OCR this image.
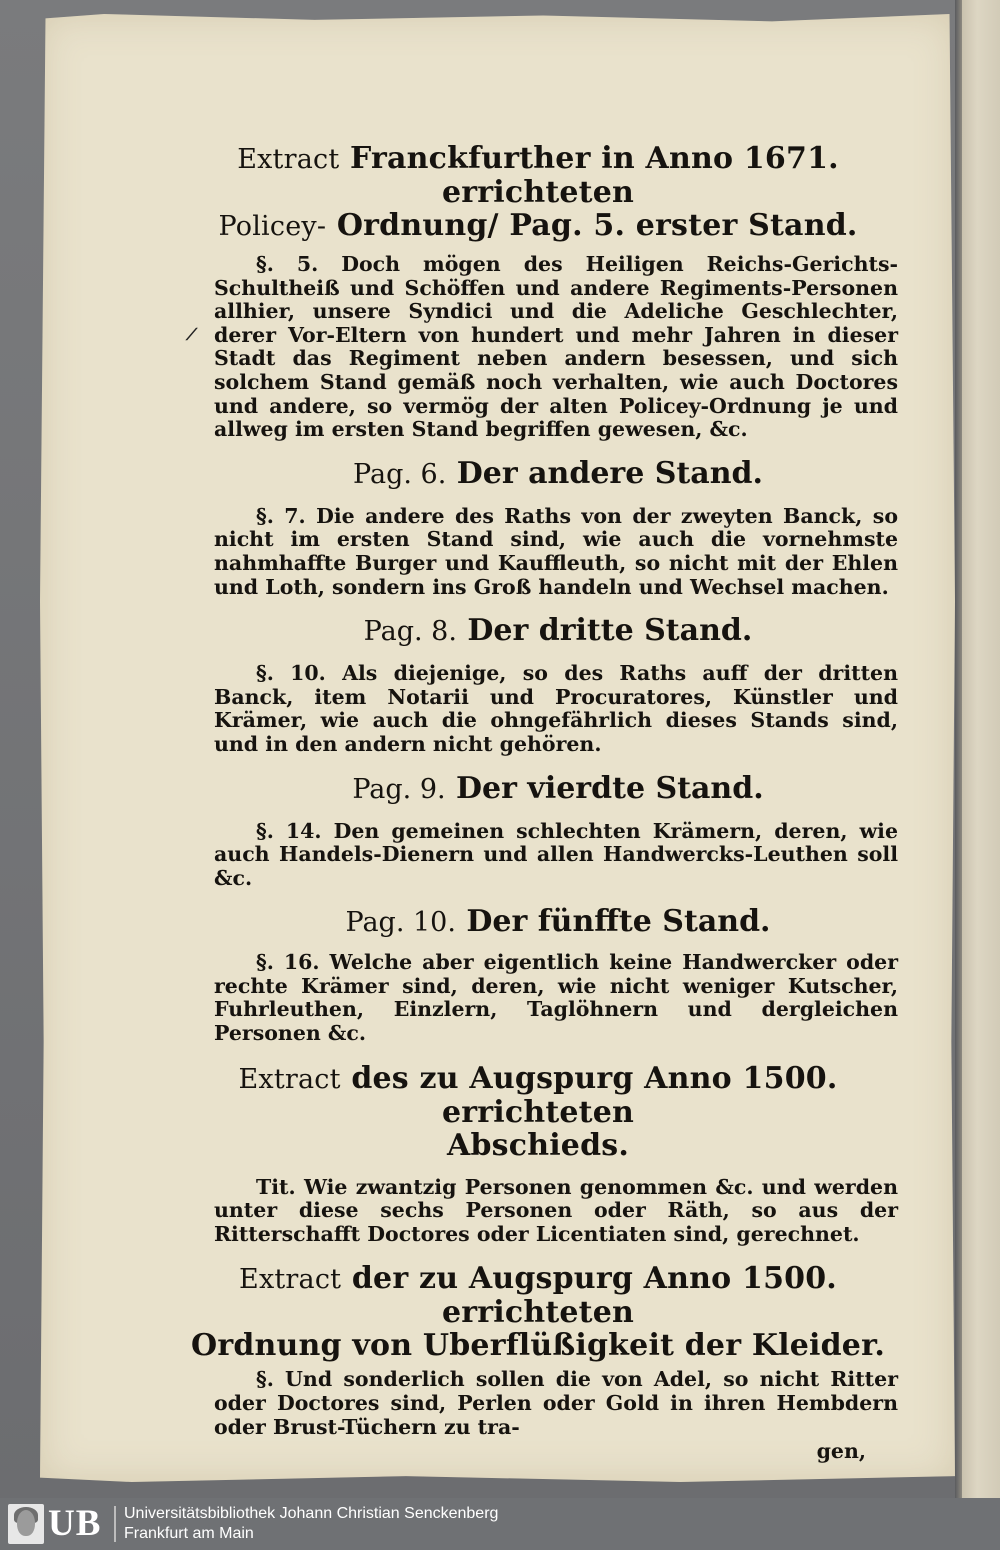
⟋

Extract Franckfurther in Anno 1671. errichteten

Policey- Ordnung/ Pag. 5. erster Stand.

§. 5. Doch mögen des Heiligen Reichs-Gerichts-Schultheiß und Schöffen und andere Regiments-Personen allhier, unsere Syndici und die Adeliche Geschlechter, derer Vor-Eltern von hundert und mehr Jahren in dieser Stadt das Regiment neben andern besessen, und sich solchem Stand gemäß noch verhalten, wie auch Doctores und andere, so vermög der alten Policey-Ordnung je und allweg im ersten Stand begriffen gewesen, &c.

Pag. 6. Der andere Stand.

§. 7. Die andere des Raths von der zweyten Banck, so nicht im ersten Stand sind, wie auch die vornehmste nahmhaffte Burger und Kauffleuth, so nicht mit der Ehlen und Loth, sondern ins Groß handeln und Wechsel machen.

Pag. 8. Der dritte Stand.

§. 10. Als diejenige, so des Raths auff der dritten Banck, item Notarii und Procuratores, Künstler und Krämer, wie auch die ohngefährlich dieses Stands sind, und in den andern nicht gehören.

Pag. 9. Der vierdte Stand.

§. 14. Den gemeinen schlechten Krämern, deren, wie auch Handels-Dienern und allen Handwercks-Leuthen soll &c.

Pag. 10. Der fünffte Stand.

§. 16. Welche aber eigentlich keine Handwercker oder rechte Krämer sind, deren, wie nicht weniger Kutscher, Fuhrleuthen, Einzlern, Taglöhnern und dergleichen Personen &c.

Extract des zu Augspurg Anno 1500. errichteten

Abschieds.

Tit. Wie zwantzig Personen genommen &c. und werden unter diese sechs Personen oder Räth, so aus der Ritterschafft Doctores oder Licentiaten sind, gerechnet.

Extract der zu Augspurg Anno 1500. errichteten

Ordnung von Uberflüßigkeit der Kleider.

§. Und sonderlich sollen die von Adel, so nicht Ritter oder Doctores sind, Perlen oder Gold in ihren Hembdern oder Brust-Tüchern zu tra-

gen,

UB Universitätsbibliothek Johann Christian Senckenberg
Frankfurt am Main
